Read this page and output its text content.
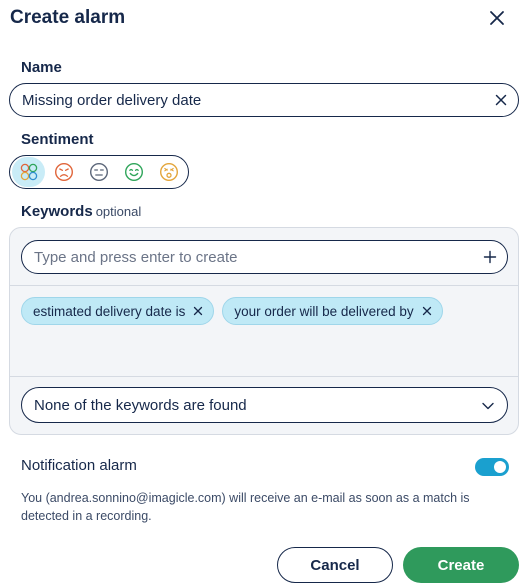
Create alarm
Name
Missing order delivery date
Sentiment
Keywords optional
Type and press enter to create
estimated delivery date is	your order will be delivered by
None of the keywords are found
Notification alarm
You (andrea.sonnino@imagicle.com) will receive an e-mail as soon as a match is detected in a recording.
Cancel	Create
